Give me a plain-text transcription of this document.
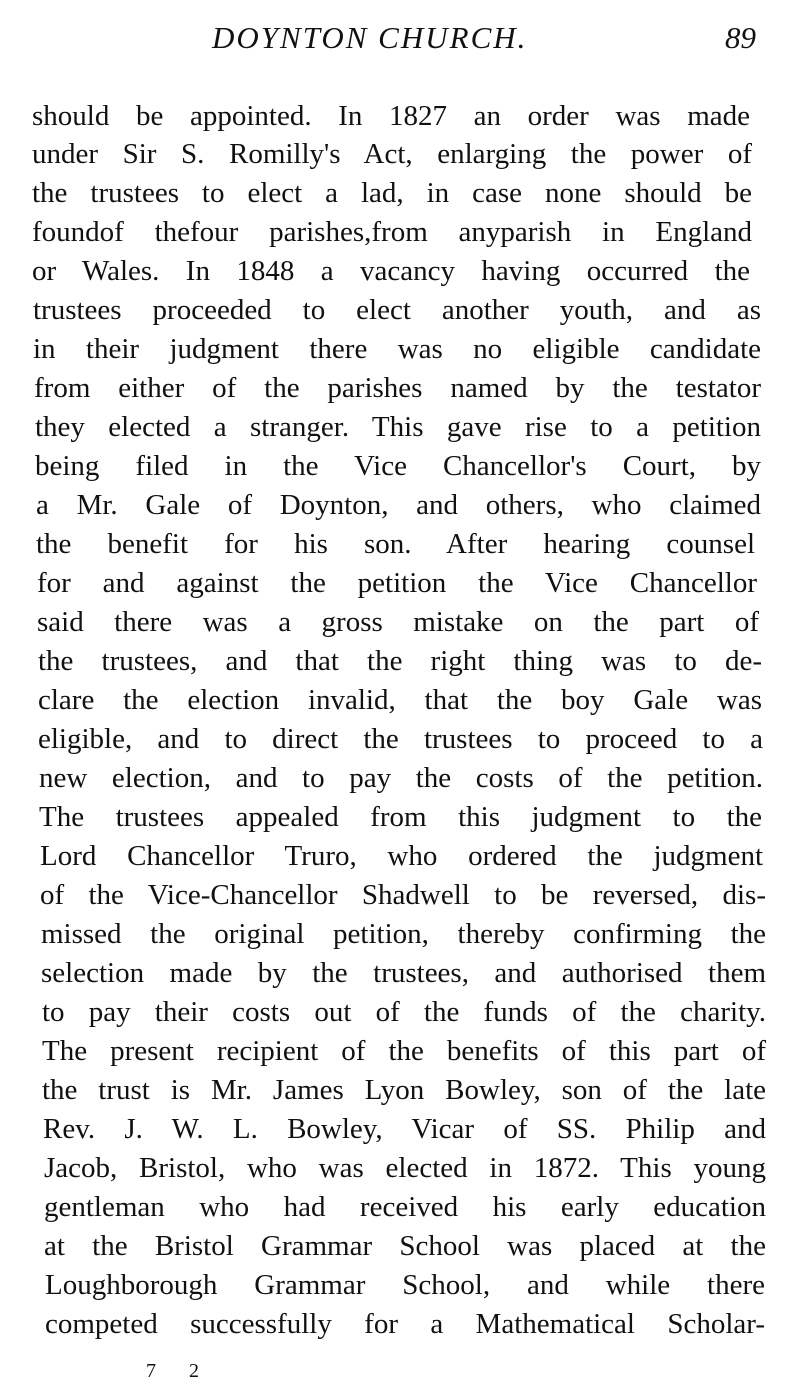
DOYNTON CHURCH.	89
should be appointed. In 1827 an order was made
under Sir S. Romilly's Act, enlarging the power of
the trustees to elect a lad, in case none should be
foundof thefour parishes,from anyparish in England
or Wales. In 1848 a vacancy having occurred the
trustees proceeded to elect another youth, and as
in their judgment there was no eligible candidate
from either of the parishes named by the testator
they elected a stranger. This gave rise to a petition
being filed in the Vice Chancellor's Court, by
a Mr. Gale of Doynton, and others, who claimed
the benefit for his son. After hearing counsel
for and against the petition the Vice Chancellor
said there was a gross mistake on the part of
the trustees, and that the right thing was to de-
clare the election invalid, that the boy Gale was
eligible, and to direct the trustees to proceed to a
new election, and to pay the costs of the petition.
The trustees appealed from this judgment to the
Lord Chancellor Truro, who ordered the judgment
of the Vice-Chancellor Shadwell to be reversed, dis-
missed the original petition, thereby confirming the
selection made by the trustees, and authorised them
to pay their costs out of the funds of the charity.
The present recipient of the benefits of this part of
the trust is Mr. James Lyon Bowley, son of the late
Rev. J. W. L. Bowley, Vicar of SS. Philip and
Jacob, Bristol, who was elected in 1872. This young
gentleman who had received his early education
at the Bristol Grammar School was placed at the
Loughborough Grammar School, and while there
competed successfully for a Mathematical Scholar-
7 2
